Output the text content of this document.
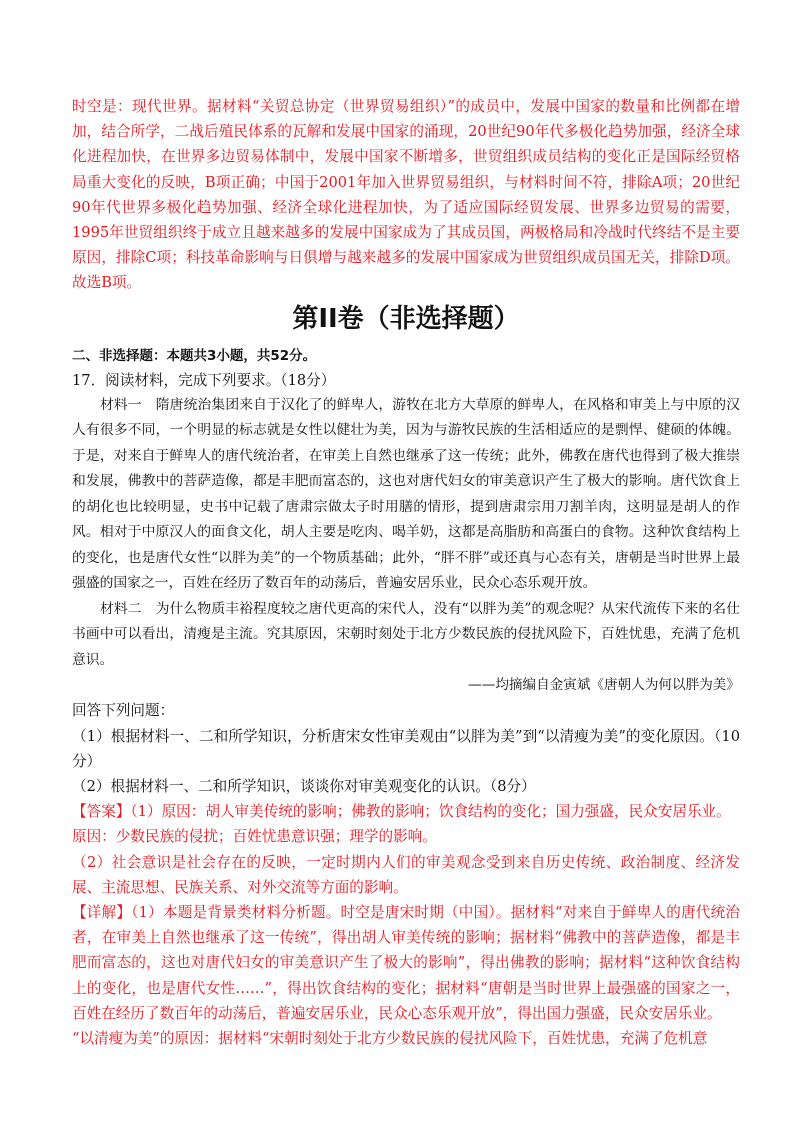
时空是：现代世界。据材料“关贸总协定（世界贸易组织）”的成员中，发展中国家的数量和比例都在增加，结合所学，二战后殖民体系的瓦解和发展中国家的涌现，20世纪90年代多极化趋势加强，经济全球化进程加快，在世界多边贸易体制中，发展中国家不断增多，世贸组织成员结构的变化正是国际经贸格局重大变化的反映，B项正确；中国于2001年加入世界贸易组织，与材料时间不符，排除A项；20世纪90年代世界多极化趋势加强、经济全球化进程加快，为了适应国际经贸发展、世界多边贸易的需要，1995年世贸组织终于成立且越来越多的发展中国家成为了其成员国，两极格局和冷战时代终结不是主要原因，排除C项；科技革命影响与日俱增与越来越多的发展中国家成为世贸组织成员国无关，排除D项。故选B项。

第II卷（非选择题）

二、非选择题：本题共3小题，共52分。

17．阅读材料，完成下列要求。（18分）

材料一 隋唐统治集团来自于汉化了的鲜卑人，游牧在北方大草原的鲜卑人，在风格和审美上与中原的汉人有很多不同，一个明显的标志就是女性以健壮为美，因为与游牧民族的生活相适应的是剽悍、健硕的体魄。于是，对来自于鲜卑人的唐代统治者，在审美上自然也继承了这一传统；此外，佛教在唐代也得到了极大推崇和发展，佛教中的菩萨造像，都是丰肥而富态的，这也对唐代妇女的审美意识产生了极大的影响。唐代饮食上的胡化也比较明显，史书中记载了唐肃宗做太子时用膳的情形，提到唐肃宗用刀割羊肉，这明显是胡人的作风。相对于中原汉人的面食文化，胡人主要是吃肉、喝羊奶，这都是高脂肪和高蛋白的食物。这种饮食结构上的变化，也是唐代女性“以胖为美”的一个物质基础；此外，“胖不胖”或还真与心态有关，唐朝是当时世界上最强盛的国家之一，百姓在经历了数百年的动荡后，普遍安居乐业，民众心态乐观开放。

材料二 为什么物质丰裕程度较之唐代更高的宋代人，没有“以胖为美”的观念呢？从宋代流传下来的名仕书画中可以看出，清瘦是主流。究其原因，宋朝时刻处于北方少数民族的侵扰风险下，百姓忧患，充满了危机意识。

——均摘编自金寅斌《唐朝人为何以胖为美》

回答下列问题：

（1）根据材料一、二和所学知识，分析唐宋女性审美观由“以胖为美”到“以清瘦为美”的变化原因。（10分）

（2）根据材料一、二和所学知识，谈谈你对审美观变化的认识。（8分）

【答案】（1）原因：胡人审美传统的影响；佛教的影响；饮食结构的变化；国力强盛，民众安居乐业。

原因：少数民族的侵扰；百姓忧患意识强；理学的影响。

（2）社会意识是社会存在的反映，一定时期内人们的审美观念受到来自历史传统、政治制度、经济发展、主流思想、民族关系、对外交流等方面的影响。

【详解】（1）本题是背景类材料分析题。时空是唐宋时期（中国）。据材料“对来自于鲜卑人的唐代统治者，在审美上自然也继承了这一传统”，得出胡人审美传统的影响；据材料“佛教中的菩萨造像，都是丰肥而富态的，这也对唐代妇女的审美意识产生了极大的影响”，得出佛教的影响；据材料“这种饮食结构上的变化，也是唐代女性……”，得出饮食结构的变化；据材料“唐朝是当时世界上最强盛的国家之一，百姓在经历了数百年的动荡后，普遍安居乐业，民众心态乐观开放”，得出国力强盛，民众安居乐业。

“以清瘦为美”的原因：据材料“宋朝时刻处于北方少数民族的侵扰风险下，百姓忧患，充满了危机意
